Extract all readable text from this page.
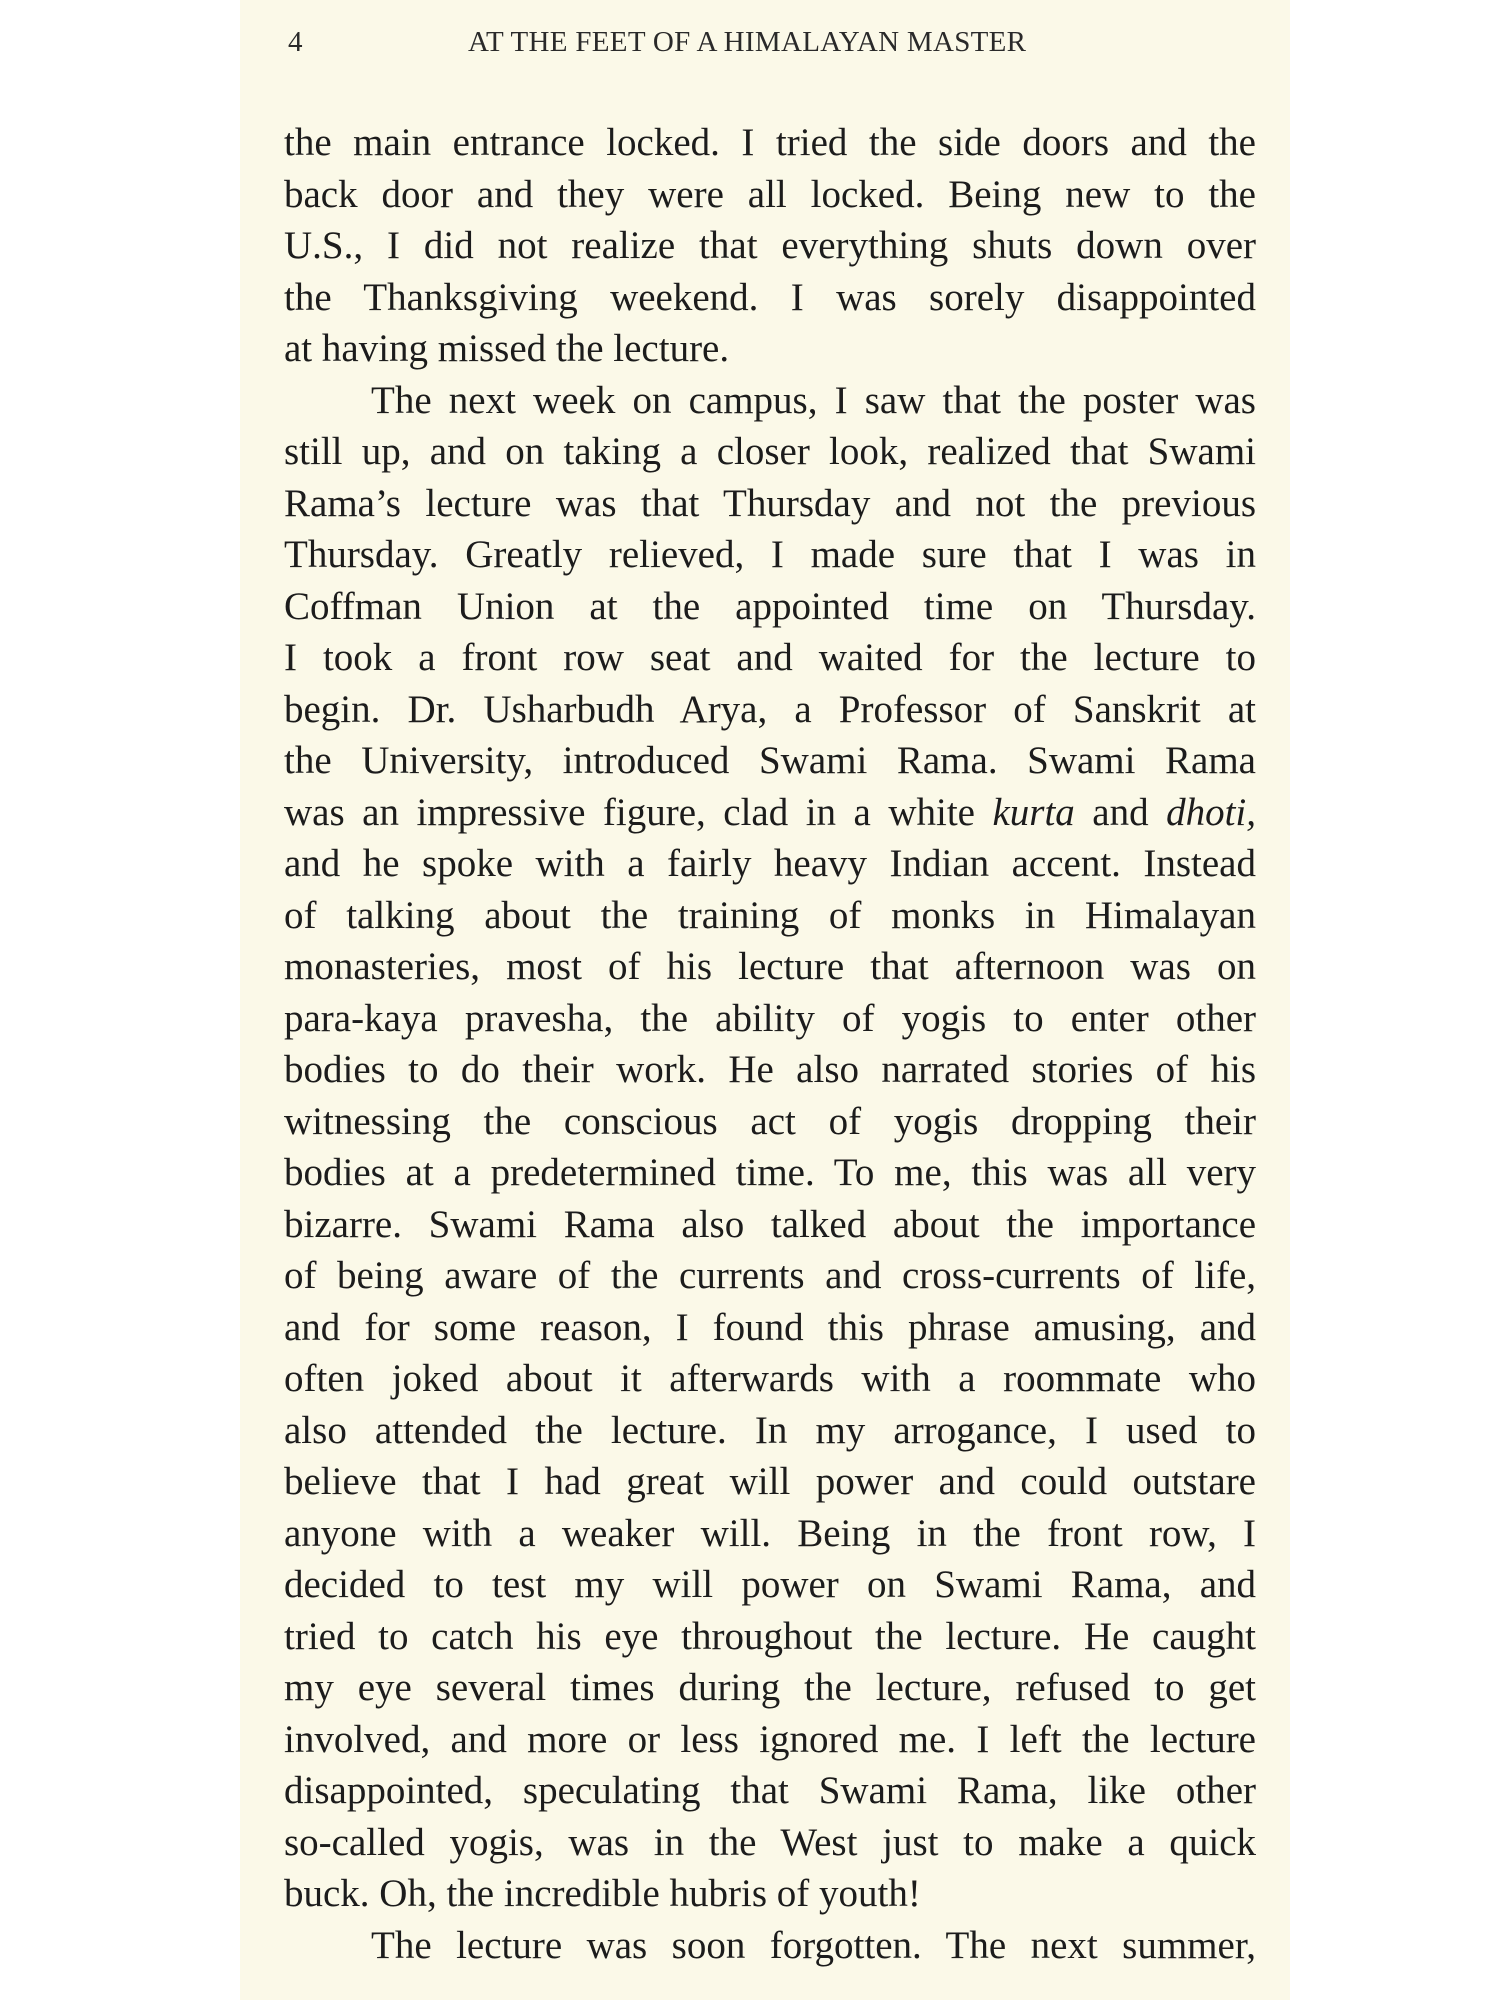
4	AT THE FEET OF A HIMALAYAN MASTER
the main entrance locked. I tried the side doors and the
back door and they were all locked. Being new to the
U.S., I did not realize that everything shuts down over
the Thanksgiving weekend. I was sorely disappointed
at having missed the lecture.
The next week on campus, I saw that the poster was
still up, and on taking a closer look, realized that Swami
Rama’s lecture was that Thursday and not the previous
Thursday. Greatly relieved, I made sure that I was in
Coffman Union at the appointed time on Thursday.
I took a front row seat and waited for the lecture to
begin. Dr. Usharbudh Arya, a Professor of Sanskrit at
the University, introduced Swami Rama. Swami Rama
was an impressive figure, clad in a white kurta and dhoti,
and he spoke with a fairly heavy Indian accent. Instead
of talking about the training of monks in Himalayan
monasteries, most of his lecture that afternoon was on
para-kaya pravesha, the ability of yogis to enter other
bodies to do their work. He also narrated stories of his
witnessing the conscious act of yogis dropping their
bodies at a predetermined time. To me, this was all very
bizarre. Swami Rama also talked about the importance
of being aware of the currents and cross-currents of life,
and for some reason, I found this phrase amusing, and
often joked about it afterwards with a roommate who
also attended the lecture. In my arrogance, I used to
believe that I had great will power and could outstare
anyone with a weaker will. Being in the front row, I
decided to test my will power on Swami Rama, and
tried to catch his eye throughout the lecture. He caught
my eye several times during the lecture, refused to get
involved, and more or less ignored me. I left the lecture
disappointed, speculating that Swami Rama, like other
so-called yogis, was in the West just to make a quick
buck. Oh, the incredible hubris of youth!
The lecture was soon forgotten. The next summer,
